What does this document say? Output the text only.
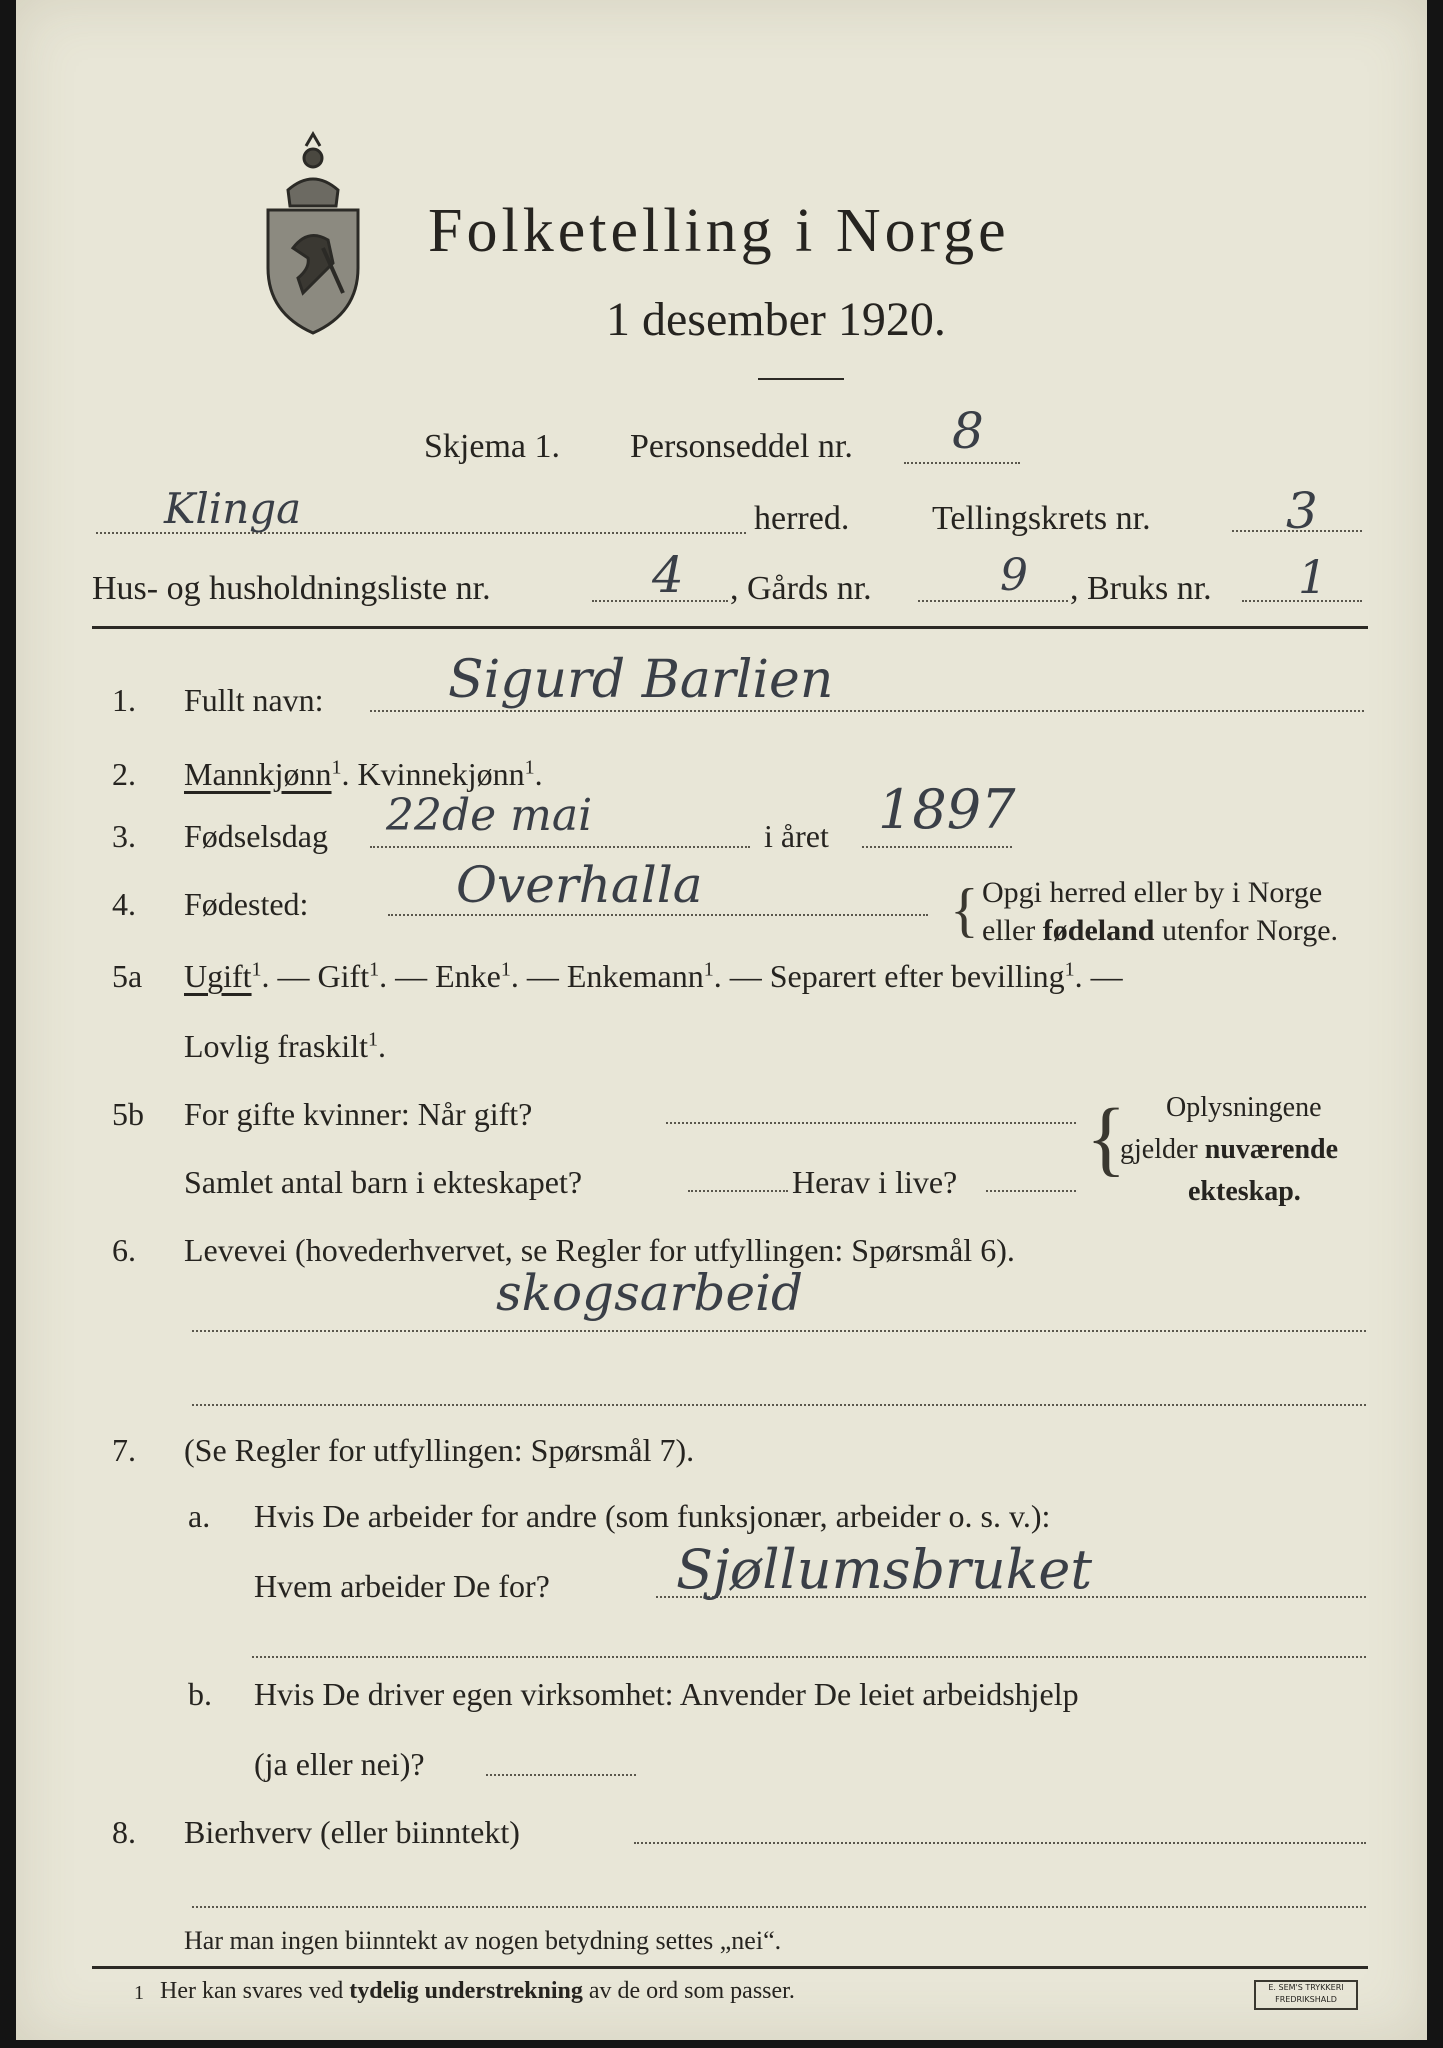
Folketelling i Norge
1 desember 1920.
Skjema 1. Personseddel nr. 8
Klinga	herred. Tellingskrets nr.	3
Hus- og husholdningsliste nr.	4 , Gårds nr.	9 , Bruks nr. 1
1. Fullt navn: Sigurd Barlien
2. Mannkjønn$^1$. Kvinnekjønn$^1$.
3. Fødselsdag 22de mai	i året 1897
4. Fødested:	Overhalla	{ Opgi herred eller by i Norge
eller fødeland utenfor Norge.
5a Ugift$^1$. — Gift$^1$. — Enke$^1$. — Enkemann$^1$. — Separert efter bevilling$^1$. —
Lovlig fraskilt$^1$.
5b For gifte kvinner: Når gift?
Samlet antal barn i ekteskapet?	Herav i live? { Oplysningene
gjelder nuværende
ekteskap.
6. Levevei (hovederhvervet, se Regler for utfyllingen: Spørsmål 6).
skogsarbeid
7. (Se Regler for utfyllingen: Spørsmål 7).
a. Hvis De arbeider for andre (som funksjonær, arbeider o. s. v.):
Hvem arbeider De for? Sjøllumsbruket
b. Hvis De driver egen virksomhet: Anvender De leiet arbeidshjelp
(ja eller nei)?
8. Bierhverv (eller biinntekt)
Har man ingen biinntekt av nogen betydning settes „nei“.
1 Her kan svares ved tydelig understrekning av de ord som passer.	E. SEM'S TRYKKERI FREDRIKSHALD
